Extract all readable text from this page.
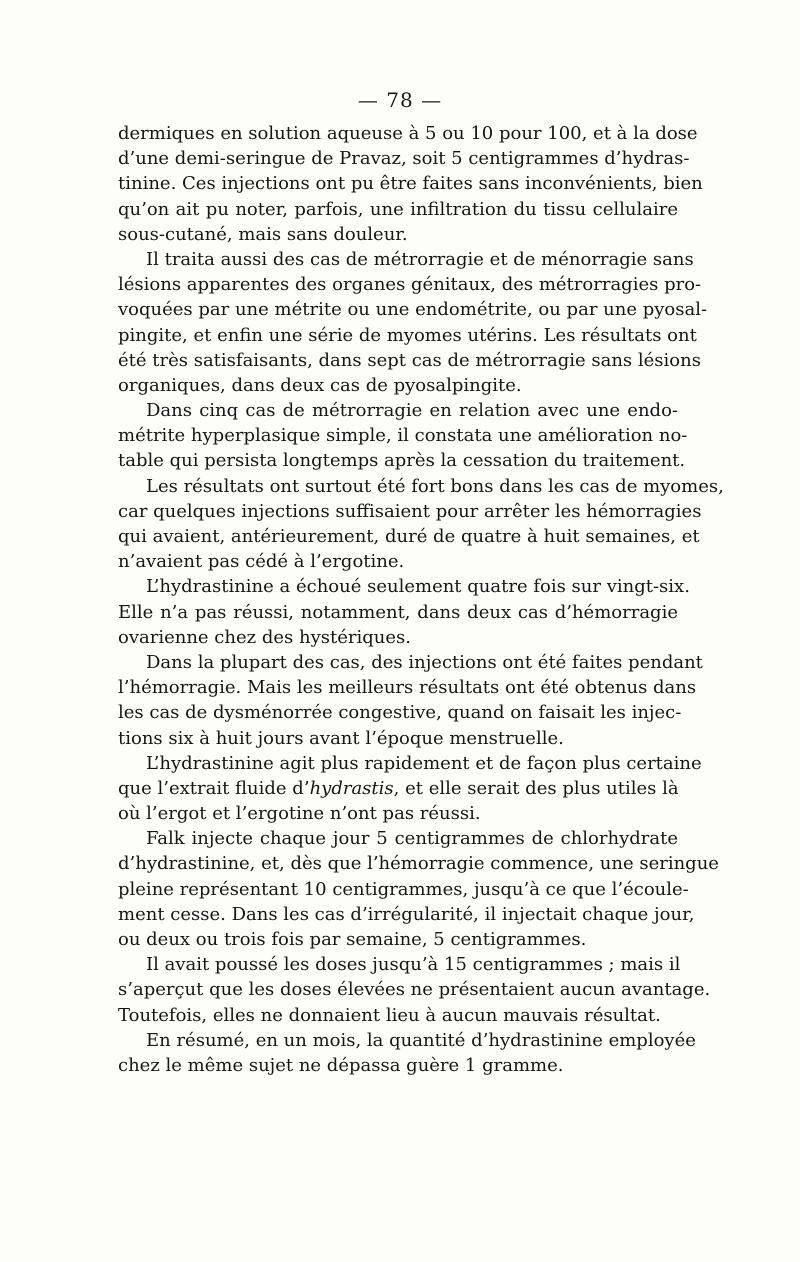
— 78 —
dermiques en solution aqueuse à 5 ou 10 pour 100, et à la dose
d’une demi-seringue de Pravaz, soit 5 centigrammes d’hydras-
tinine. Ces injections ont pu être faites sans inconvénients, bien
qu’on ait pu noter, parfois, une infiltration du tissu cellulaire
sous-cutané, mais sans douleur.
Il traita aussi des cas de métrorragie et de ménorragie sans
lésions apparentes des organes génitaux, des métrorragies pro-
voquées par une métrite ou une endométrite, ou par une pyosal-
pingite, et enfin une série de myomes utérins. Les résultats ont
été très satisfaisants, dans sept cas de métrorragie sans lésions
organiques, dans deux cas de pyosalpingite.
Dans cinq cas de métrorragie en relation avec une endo-
métrite hyperplasique simple, il constata une amélioration no-
table qui persista longtemps après la cessation du traitement.
Les résultats ont surtout été fort bons dans les cas de myomes,
car quelques injections suffisaient pour arrêter les hémorragies
qui avaient, antérieurement, duré de quatre à huit semaines, et
n’avaient pas cédé à l’ergotine.
L’hydrastinine a échoué seulement quatre fois sur vingt-six.
Elle n’a pas réussi, notamment, dans deux cas d’hémorragie
ovarienne chez des hystériques.
Dans la plupart des cas, des injections ont été faites pendant
l’hémorragie. Mais les meilleurs résultats ont été obtenus dans
les cas de dysménorrée congestive, quand on faisait les injec-
tions six à huit jours avant l’époque menstruelle.
L’hydrastinine agit plus rapidement et de façon plus certaine
que l’extrait fluide d’hydrastis, et elle serait des plus utiles là
où l’ergot et l’ergotine n’ont pas réussi.
Falk injecte chaque jour 5 centigrammes de chlorhydrate
d’hydrastinine, et, dès que l’hémorragie commence, une seringue
pleine représentant 10 centigrammes, jusqu’à ce que l’écoule-
ment cesse. Dans les cas d’irrégularité, il injectait chaque jour,
ou deux ou trois fois par semaine, 5 centigrammes.
Il avait poussé les doses jusqu’à 15 centigrammes ; mais il
s’aperçut que les doses élevées ne présentaient aucun avantage.
Toutefois, elles ne donnaient lieu à aucun mauvais résultat.
En résumé, en un mois, la quantité d’hydrastinine employée
chez le même sujet ne dépassa guère 1 gramme.
